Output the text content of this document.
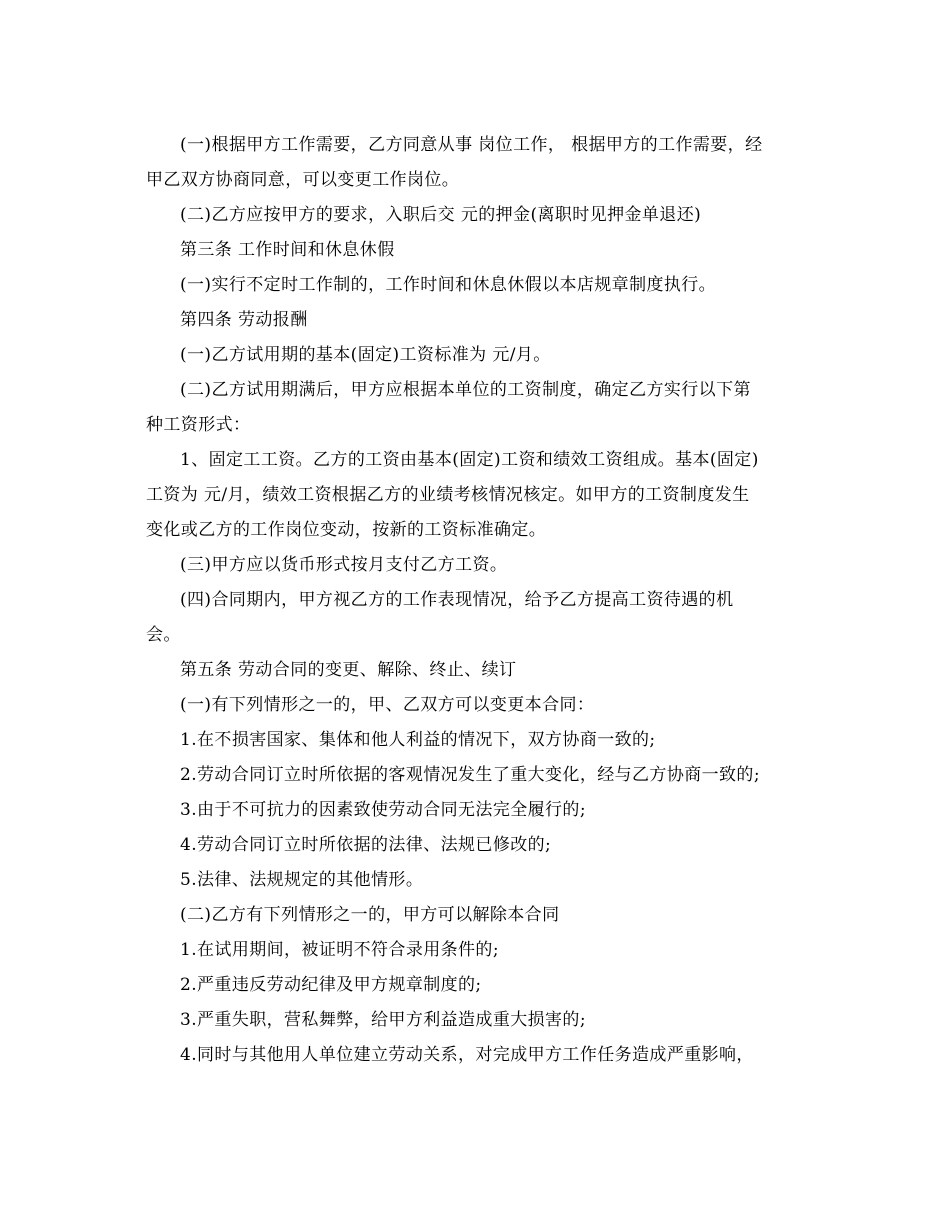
(一)根据甲方工作需要，乙方同意从事 岗位工作， 根据甲方的工作需要，经
甲乙双方协商同意，可以变更工作岗位。
(二)乙方应按甲方的要求，入职后交 元的押金(离职时见押金单退还)
第三条 工作时间和休息休假
(一)实行不定时工作制的，工作时间和休息休假以本店规章制度执行。
第四条 劳动报酬
(一)乙方试用期的基本(固定)工资标准为 元/月。
(二)乙方试用期满后，甲方应根据本单位的工资制度，确定乙方实行以下第
种工资形式：
1、固定工工资。乙方的工资由基本(固定)工资和绩效工资组成。基本(固定)
工资为 元/月，绩效工资根据乙方的业绩考核情况核定。如甲方的工资制度发生
变化或乙方的工作岗位变动，按新的工资标准确定。
(三)甲方应以货币形式按月支付乙方工资。
(四)合同期内，甲方视乙方的工作表现情况，给予乙方提高工资待遇的机
会。
第五条 劳动合同的变更、解除、终止、续订
(一)有下列情形之一的，甲、乙双方可以变更本合同：
1.在不损害国家、集体和他人利益的情况下，双方协商一致的;
2.劳动合同订立时所依据的客观情况发生了重大变化，经与乙方协商一致的;
3.由于不可抗力的因素致使劳动合同无法完全履行的;
4.劳动合同订立时所依据的法律、法规已修改的;
5.法律、法规规定的其他情形。
(二)乙方有下列情形之一的，甲方可以解除本合同
1.在试用期间，被证明不符合录用条件的;
2.严重违反劳动纪律及甲方规章制度的;
3.严重失职，营私舞弊，给甲方利益造成重大损害的;
4.同时与其他用人单位建立劳动关系，对完成甲方工作任务造成严重影响，
